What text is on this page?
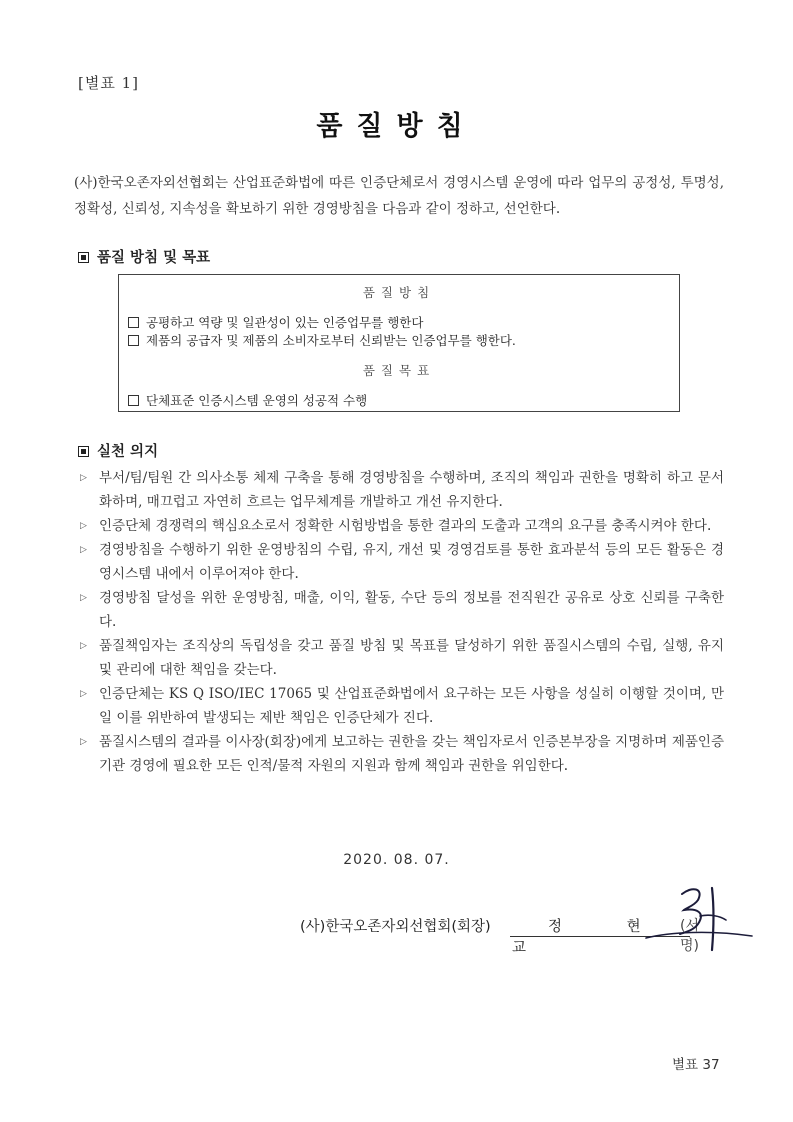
[별표 1]
품질방침
(사)한국오존자외선협회는 산업표준화법에 따른 인증단체로서 경영시스템 운영에 따라 업무의 공정성, 투명성, 정확성, 신뢰성, 지속성을 확보하기 위한 경영방침을 다음과 같이 정하고, 선언한다.
품질 방침 및 목표
품질방침
공평하고 역량 및 일관성이 있는 인증업무를 행한다
제품의 공급자 및 제품의 소비자로부터 신뢰받는 인증업무를 행한다.
품질목표
단체표준 인증시스템 운영의 성공적 수행
실천 의지
▷ 부서/팀/팀원 간 의사소통 체제 구축을 통해 경영방침을 수행하며, 조직의 책임과 권한을 명확히 하고 문서화하며, 매끄럽고 자연히 흐르는 업무체계를 개발하고 개선 유지한다.
▷ 인증단체 경쟁력의 핵심요소로서 정확한 시험방법을 통한 결과의 도출과 고객의 요구를 충족시켜야 한다.
▷ 경영방침을 수행하기 위한 운영방침의 수립, 유지, 개선 및 경영검토를 통한 효과분석 등의 모든 활동은 경영시스템 내에서 이루어져야 한다.
▷ 경영방침 달성을 위한 운영방침, 매출, 이익, 활동, 수단 등의 정보를 전직원간 공유로 상호 신뢰를 구축한다.
▷ 품질책임자는 조직상의 독립성을 갖고 품질 방침 및 목표를 달성하기 위한 품질시스템의 수립, 실행, 유지 및 관리에 대한 책임을 갖는다.
▷ 인증단체는 KS Q ISO/IEC 17065 및 산업표준화법에서 요구하는 모든 사항을 성실히 이행할 것이며, 만일 이를 위반하여 발생되는 제반 책임은 인증단체가 진다.
▷ 품질시스템의 결과를 이사장(회장)에게 보고하는 권한을 갖는 책임자로서 인증본부장을 지명하며 제품인증기관 경영에 필요한 모든 인적/물적 자원의 지원과 함께 책임과 권한을 위임한다.
2020. 08. 07.
(사)한국오존자외선협회(회장)	정 현 교
(서명)
별표 37
